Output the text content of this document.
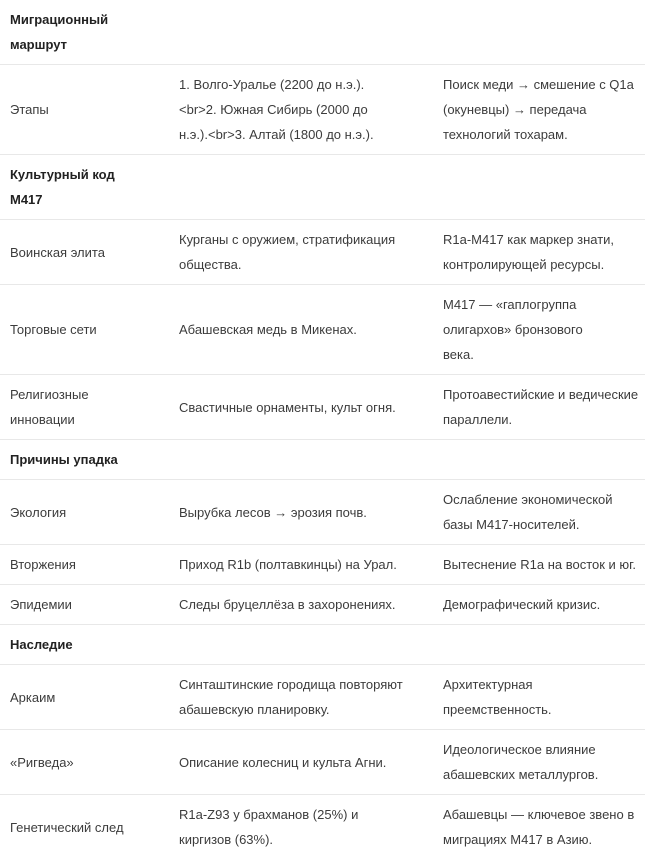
Миграционный маршрут		
Этапы	1. Волго-Уралье (2200 до н.э.).<br>2. Южная Сибирь (2000 до н.э.).<br>3. Алтай (1800 до н.э.).	Поиск меди → смешение с Q1a (окуневцы) → передача технологий тохарам.
Культурный код M417		
Воинская элита	Курганы с оружием, стратификация общества.	R1a-M417 как маркер знати, контролирующей ресурсы.
Торговые сети	Абашевская медь в Микенах.	M417 — «гаплогруппа олигархов» бронзового века.
Религиозные инновации	Свастичные орнаменты, культ огня.	Протоавестийские и ведические параллели.
Причины упадка		
Экология	Вырубка лесов → эрозия почв.	Ослабление экономической базы M417-носителей.
Вторжения	Приход R1b (полтавкинцы) на Урал.	Вытеснение R1a на восток и юг.
Эпидемии	Следы бруцеллёза в захоронениях.	Демографический кризис.
Наследие		
Аркаим	Синташтинские городища повторяют абашевскую планировку.	Архитектурная преемственность.
«Ригведа»	Описание колесниц и культа Агни.	Идеологическое влияние абашевских металлургов.
Генетический след	R1a-Z93 у брахманов (25%) и киргизов (63%).	Абашевцы — ключевое звено в миграциях M417 в Азию.
